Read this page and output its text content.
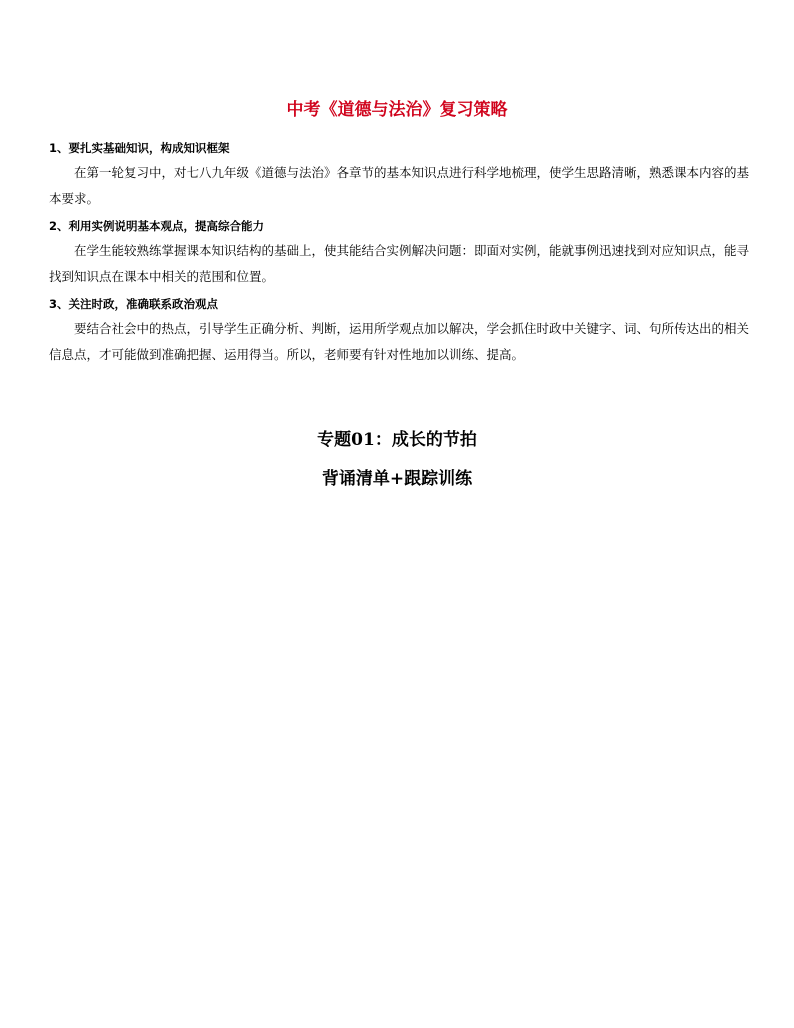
中考《道德与法治》复习策略
1、要扎实基础知识，构成知识框架
在第一轮复习中，对七八九年级《道德与法治》各章节的基本知识点进行科学地梳理，使学生思路清晰，熟悉课本内容的基本要求。
2、利用实例说明基本观点，提高综合能力
在学生能较熟练掌握课本知识结构的基础上，使其能结合实例解决问题：即面对实例，能就事例迅速找到对应知识点，能寻找到知识点在课本中相关的范围和位置。
3、关注时政，准确联系政治观点
要结合社会中的热点，引导学生正确分析、判断，运用所学观点加以解决，学会抓住时政中关键字、词、句所传达出的相关信息点，才可能做到准确把握、运用得当。所以，老师要有针对性地加以训练、提高。
专题01：成长的节拍
背诵清单+跟踪训练
